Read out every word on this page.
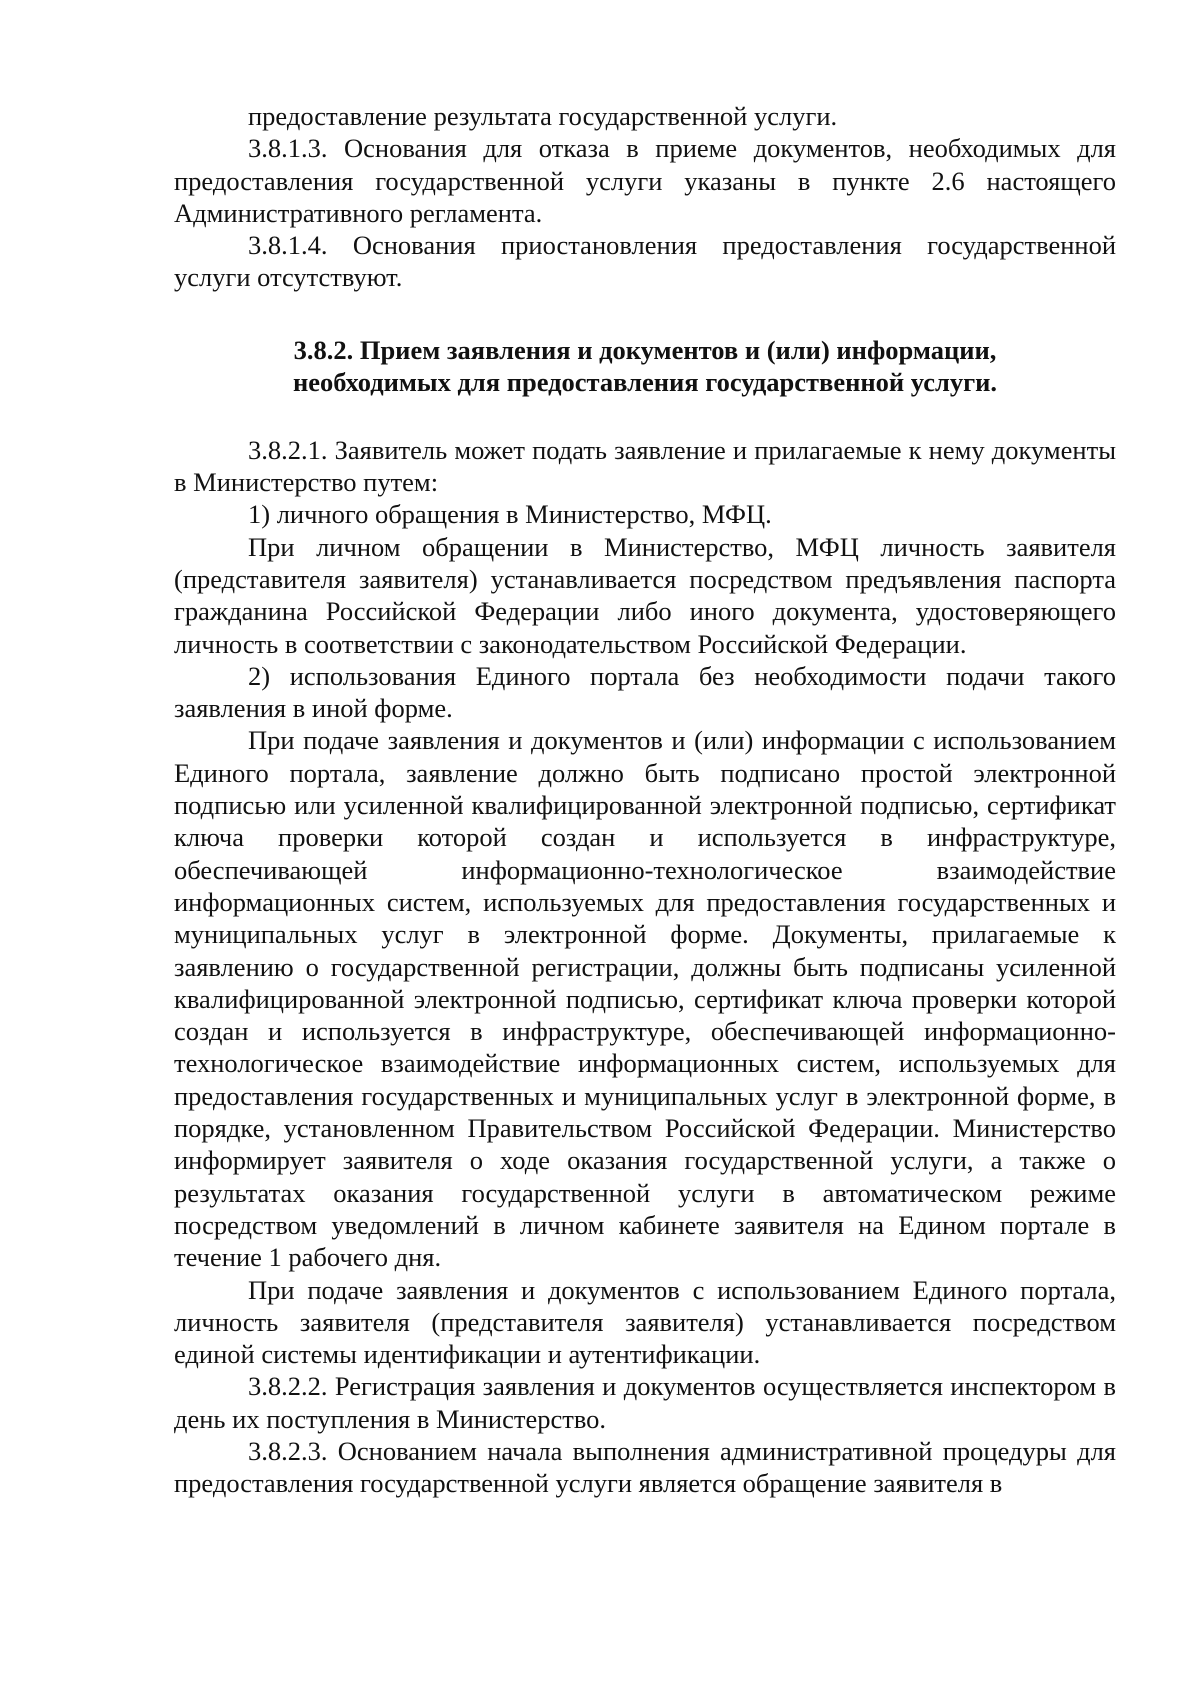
предоставление результата государственной услуги.

3.8.1.3. Основания для отказа в приеме документов, необходимых для предоставления государственной услуги указаны в пункте 2.6 настоящего Административного регламента.

3.8.1.4. Основания приостановления предоставления государственной услуги отсутствуют.

3.8.2. Прием заявления и документов и (или) информации,
необходимых для предоставления государственной услуги.

3.8.2.1. Заявитель может подать заявление и прилагаемые к нему документы в Министерство путем:

1) личного обращения в Министерство, МФЦ.

При личном обращении в Министерство, МФЦ личность заявителя (представителя заявителя) устанавливается посредством предъявления паспорта гражданина Российской Федерации либо иного документа, удостоверяющего личность в соответствии с законодательством Российской Федерации.

2) использования Единого портала без необходимости подачи такого заявления в иной форме.

При подаче заявления и документов и (или) информации с использованием Единого портала, заявление должно быть подписано простой электронной подписью или усиленной квалифицированной электронной подписью, сертификат ключа проверки которой создан и используется в инфраструктуре, обеспечивающей информационно-технологическое взаимодействие информационных систем, используемых для предоставления государственных и муниципальных услуг в электронной форме. Документы, прилагаемые к заявлению о государственной регистрации, должны быть подписаны усиленной квалифицированной электронной подписью, сертификат ключа проверки которой создан и используется в инфраструктуре, обеспечивающей информационно-технологическое взаимодействие информационных систем, используемых для предоставления государственных и муниципальных услуг в электронной форме, в порядке, установленном Правительством Российской Федерации. Министерство информирует заявителя о ходе оказания государственной услуги, а также о результатах оказания государственной услуги в автоматическом режиме посредством уведомлений в личном кабинете заявителя на Едином портале в течение 1 рабочего дня.

При подаче заявления и документов с использованием Единого портала, личность заявителя (представителя заявителя) устанавливается посредством единой системы идентификации и аутентификации.

3.8.2.2. Регистрация заявления и документов осуществляется инспектором в день их поступления в Министерство.

3.8.2.3. Основанием начала выполнения административной процедуры для предоставления государственной услуги является обращение заявителя в
